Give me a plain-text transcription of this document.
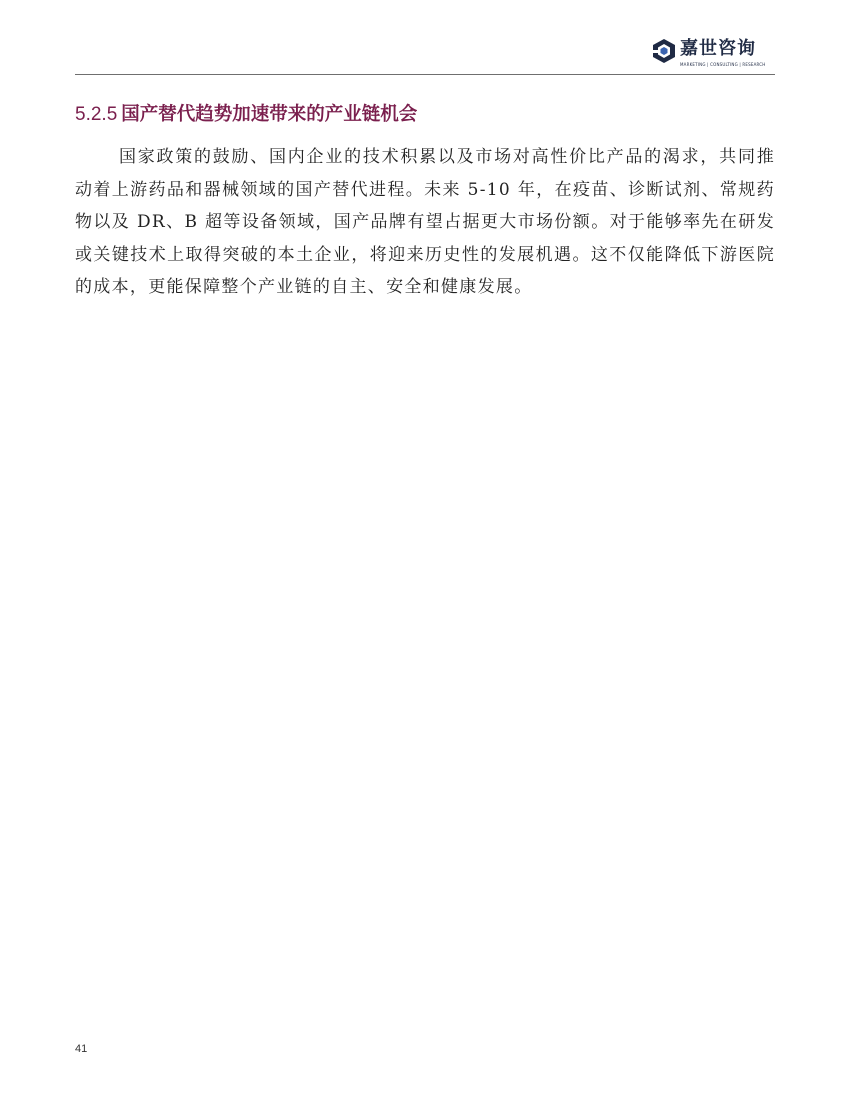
嘉世咨询
MARKETING | CONSULTING | RESEARCH
5.2.5 国产替代趋势加速带来的产业链机会

国家政策的鼓励、国内企业的技术积累以及市场对高性价比产品的渴求，共同推动着上游药品和器械领域的国产替代进程。未来 5-10 年，在疫苗、诊断试剂、常规药物以及 DR、B 超等设备领域，国产品牌有望占据更大市场份额。对于能够率先在研发或关键技术上取得突破的本土企业，将迎来历史性的发展机遇。这不仅能降低下游医院的成本，更能保障整个产业链的自主、安全和健康发展。

41
